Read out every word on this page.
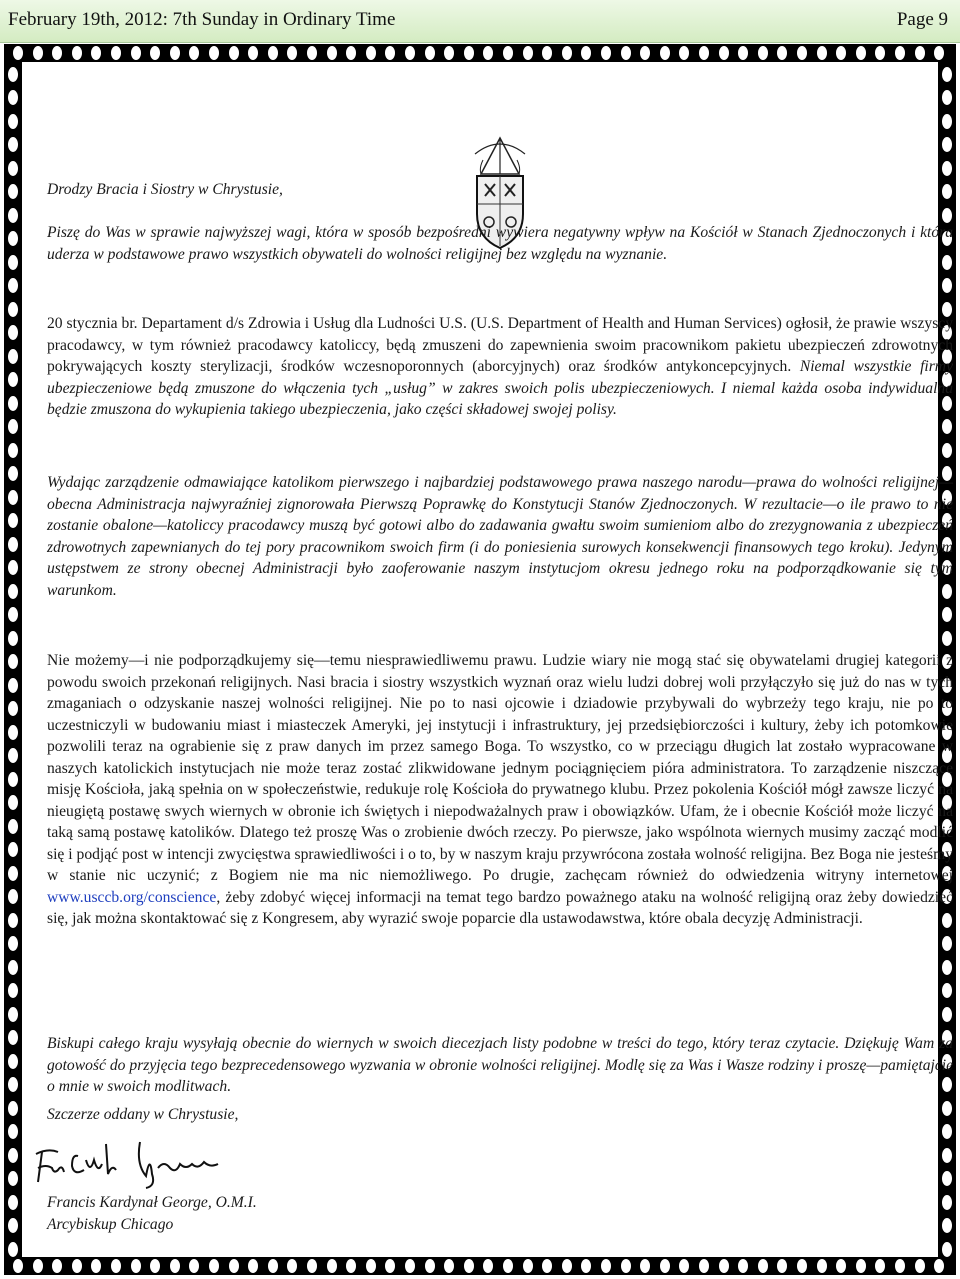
February 19th, 2012: 7th Sunday in Ordinary Time	Page 9

Drodzy Bracia i Siostry w Chrystusie,

Piszę do Was w sprawie najwyższej wagi, która w sposób bezpośredni wywiera negatywny wpływ na Kościół w Stanach Zjednoczonych i która uderza w podstawowe prawo wszystkich obywateli do wolności religijnej bez względu na wyznanie.

20 stycznia br. Departament d/s Zdrowia i Usług dla Ludności U.S. (U.S. Department of Health and Human Services) ogłosił, że prawie wszyscy pracodawcy, w tym również pracodawcy katoliccy, będą zmuszeni do zapewnienia swoim pracownikom pakietu ubezpieczeń zdrowotnych pokrywających koszty sterylizacji, środków wczesnoporonnych (aborcyjnych) oraz środków antykoncepcyjnych. Niemal wszystkie firmy ubezpieczeniowe będą zmuszone do włączenia tych „usług” w zakres swoich polis ubezpieczeniowych. I niemal każda osoba indywidualna będzie zmuszona do wykupienia takiego ubezpieczenia, jako części składowej swojej polisy.

Wydając zarządzenie odmawiające katolikom pierwszego i najbardziej podstawowego prawa naszego narodu—prawa do wolności religijnej—obecna Administracja najwyraźniej zignorowała Pierwszą Poprawkę do Konstytucji Stanów Zjednoczonych. W rezultacie—o ile prawo to nie zostanie obalone—katoliccy pracodawcy muszą być gotowi albo do zadawania gwałtu swoim sumieniom albo do zrezygnowania z ubezpieczeń zdrowotnych zapewnianych do tej pory pracownikom swoich firm (i do poniesienia surowych konsekwencji finansowych tego kroku). Jedynym ustępstwem ze strony obecnej Administracji było zaoferowanie naszym instytucjom okresu jednego roku na podporządkowanie się tym warunkom.

Nie możemy—i nie podporządkujemy się—temu niesprawiedliwemu prawu. Ludzie wiary nie mogą stać się obywatelami drugiej kategorii z powodu swoich przekonań religijnych. Nasi bracia i siostry wszystkich wyznań oraz wielu ludzi dobrej woli przyłączyło się już do nas w tych zmaganiach o odzyskanie naszej wolności religijnej. Nie po to nasi ojcowie i dziadowie przybywali do wybrzeży tego kraju, nie po to uczestniczyli w budowaniu miast i miasteczek Ameryki, jej instytucji i infrastruktury, jej przedsiębiorczości i kultury, żeby ich potomkowie pozwolili teraz na ograbienie się z praw danych im przez samego Boga. To wszystko, co w przeciągu długich lat zostało wypracowane w naszych katolickich instytucjach nie może teraz zostać zlikwidowane jednym pociągnięciem pióra administratora. To zarządzenie niszczące misję Kościoła, jaką spełnia on w społeczeństwie, redukuje rolę Kościoła do prywatnego klubu. Przez pokolenia Kościół mógł zawsze liczyć na nieugiętą postawę swych wiernych w obronie ich świętych i niepodważalnych praw i obowiązków. Ufam, że i obecnie Kościół może liczyć na taką samą postawę katolików. Dlatego też proszę Was o zrobienie dwóch rzeczy. Po pierwsze, jako wspólnota wiernych musimy zacząć modlić się i podjąć post w intencji zwycięstwa sprawiedliwości i o to, by w naszym kraju przywrócona została wolność religijna. Bez Boga nie jesteśmy w stanie nic uczynić; z Bogiem nie ma nic niemożliwego. Po drugie, zachęcam również do odwiedzenia witryny internetowej www.usccb.org/conscience, żeby zdobyć więcej informacji na temat tego bardzo poważnego ataku na wolność religijną oraz żeby dowiedzieć się, jak można skontaktować się z Kongresem, aby wyrazić swoje poparcie dla ustawodawstwa, które obala decyzję Administracji.

Biskupi całego kraju wysyłają obecnie do wiernych w swoich diecezjach listy podobne w treści do tego, który teraz czytacie. Dziękuję Wam za gotowość do przyjęcia tego bezprecedensowego wyzwania w obronie wolności religijnej. Modlę się za Was i Wasze rodziny i proszę—pamiętajcie o mnie w swoich modlitwach.

Szczerze oddany w Chrystusie,

Francis Kardynał George, O.M.I.

Arcybiskup Chicago
